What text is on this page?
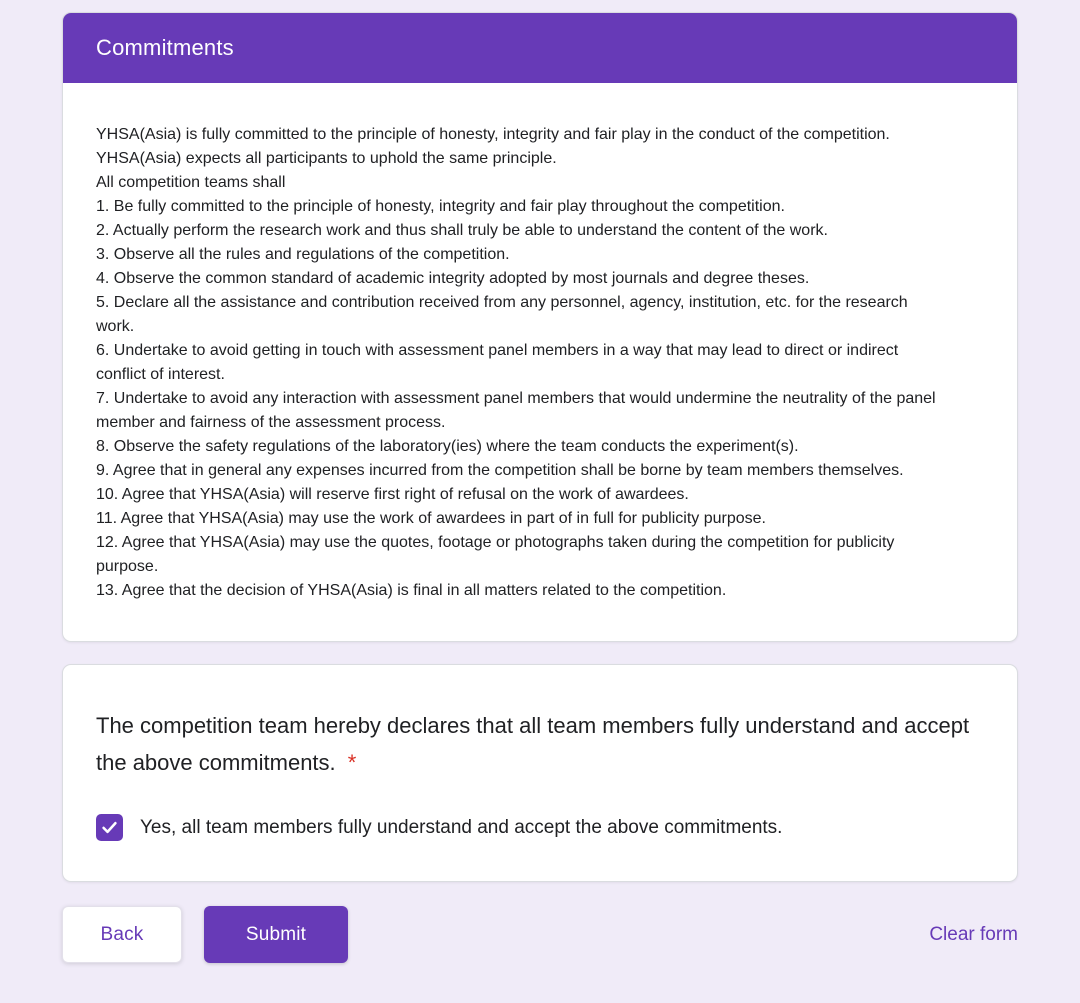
Commitments
YHSA(Asia) is fully committed to the principle of honesty, integrity and fair play in the conduct of the competition. YHSA(Asia) expects all participants to uphold the same principle.
All competition teams shall
1. Be fully committed to the principle of honesty, integrity and fair play throughout the competition.
2. Actually perform the research work and thus shall truly be able to understand the content of the work.
3. Observe all the rules and regulations of the competition.
4. Observe the common standard of academic integrity adopted by most journals and degree theses.
5. Declare all the assistance and contribution received from any personnel, agency, institution, etc. for the research work.
6. Undertake to avoid getting in touch with assessment panel members in a way that may lead to direct or indirect conflict of interest.
7. Undertake to avoid any interaction with assessment panel members that would undermine the neutrality of the panel member and fairness of the assessment process.
8. Observe the safety regulations of the laboratory(ies) where the team conducts the experiment(s).
9. Agree that in general any expenses incurred from the competition shall be borne by team members themselves.
10. Agree that YHSA(Asia) will reserve first right of refusal on the work of awardees.
11. Agree that YHSA(Asia) may use the work of awardees in part of in full for publicity purpose.
12. Agree that YHSA(Asia) may use the quotes, footage or photographs taken during the competition for publicity purpose.
13. Agree that the decision of YHSA(Asia) is final in all matters related to the competition.
The competition team hereby declares that all team members fully understand and accept the above commitments. *
Yes, all team members fully understand and accept the above commitments.
Back	Submit	Clear form
